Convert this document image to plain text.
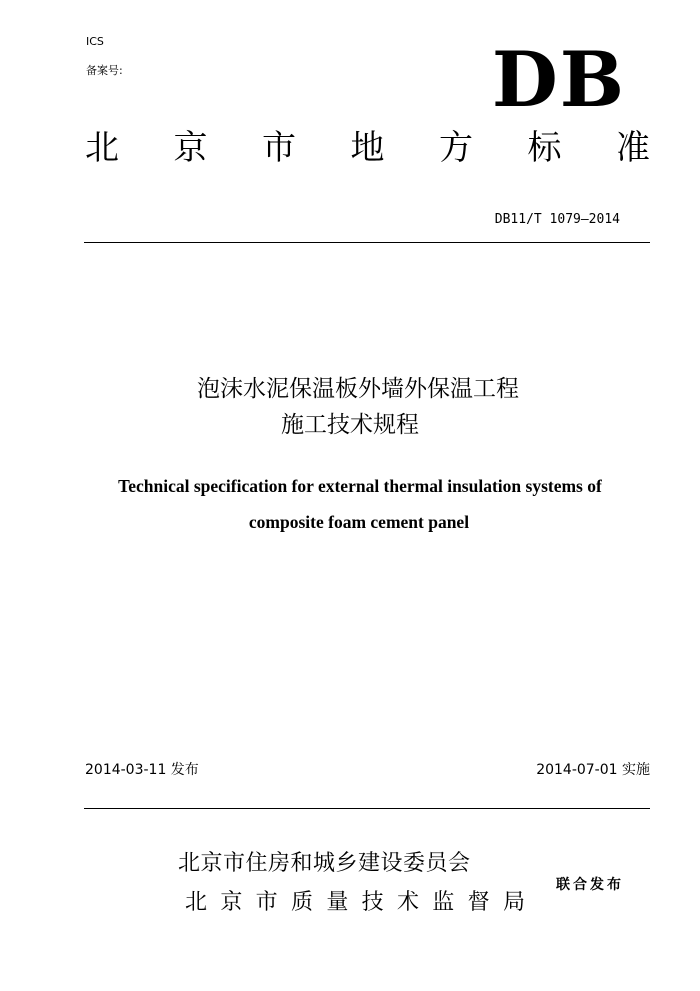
ICS
备案号:	DB
北 京 市 地 方 标 准
DB11/T 1079—2014
泡沫水泥保温板外墙外保温工程
施工技术规程
Technical specification for external thermal insulation systems of
composite foam cement panel
2014-03-11 发布	2014-07-01 实施
北京市住房和城乡建设委员会
北 京 市 质 量 技 术 监 督 局
联合发布
